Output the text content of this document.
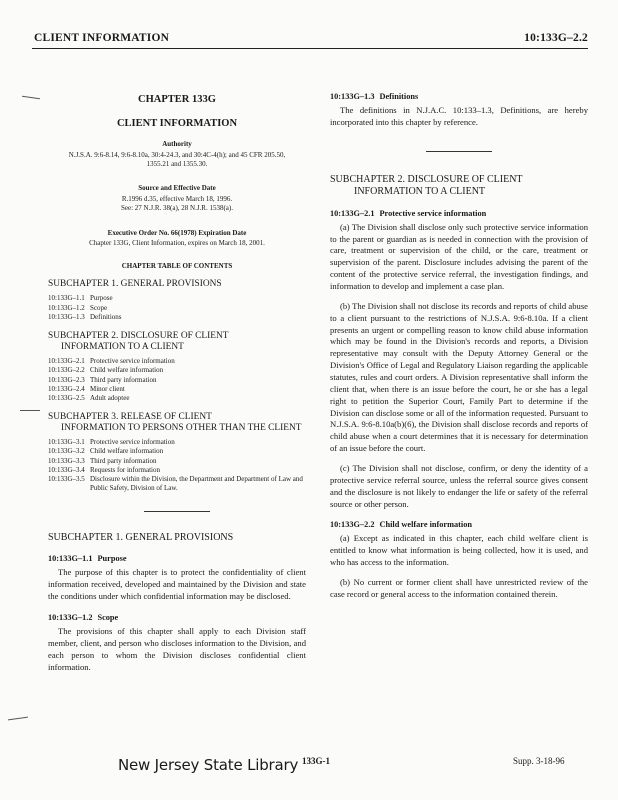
CLIENT INFORMATION	10:133G–2.2
CHAPTER 133G
CLIENT INFORMATION
Authority
N.J.S.A. 9:6-8.14, 9:6-8.10a, 30:4-24.3, and 30:4C-4(h); and 45 CFR 205.50, 1355.21 and 1355.30.
Source and Effective Date
R.1996 d.35, effective March 18, 1996.
See: 27 N.J.R. 38(a), 28 N.J.R. 1538(a).
Executive Order No. 66(1978) Expiration Date
Chapter 133G, Client Information, expires on March 18, 2001.
CHAPTER TABLE OF CONTENTS
SUBCHAPTER 1. GENERAL PROVISIONS
10:133G–1.1 Purpose
10:133G–1.2 Scope
10:133G–1.3 Definitions
SUBCHAPTER 2. DISCLOSURE OF CLIENT
INFORMATION TO A CLIENT
10:133G–2.1 Protective service information
10:133G–2.2 Child welfare information
10:133G–2.3 Third party information
10:133G–2.4 Minor client
10:133G–2.5 Adult adoptee
SUBCHAPTER 3. RELEASE OF CLIENT
INFORMATION TO PERSONS OTHER THAN THE CLIENT
10:133G–3.1 Protective service information
10:133G–3.2 Child welfare information
10:133G–3.3 Third party information
10:133G–3.4 Requests for information
10:133G–3.5 Disclosure within the Division, the Department and Department of Law and Public Safety, Division of Law.
SUBCHAPTER 1. GENERAL PROVISIONS
10:133G–1.1 Purpose
The purpose of this chapter is to protect the confidentiality of client information received, developed and maintained by the Division and state the conditions under which confidential information may be disclosed.
10:133G–1.2 Scope
The provisions of this chapter shall apply to each Division staff member, client, and person who discloses information to the Division, and each person to whom the Division discloses confidential client information.
10:133G–1.3 Definitions
The definitions in N.J.A.C. 10:133–1.3, Definitions, are hereby incorporated into this chapter by reference.
SUBCHAPTER 2. DISCLOSURE OF CLIENT
INFORMATION TO A CLIENT
10:133G–2.1 Protective service information
(a) The Division shall disclose only such protective service information to the parent or guardian as is needed in connection with the provision of care, treatment or supervision of the child, or the care, treatment or supervision of the parent. Disclosure includes advising the parent of the content of the protective service referral, the investigation findings, and information to develop and implement a case plan.
(b) The Division shall not disclose its records and reports of child abuse to a client pursuant to the restrictions of N.J.S.A. 9:6-8.10a. If a client presents an urgent or compelling reason to know child abuse information which may be found in the Division's records and reports, a Division representative may consult with the Deputy Attorney General or the Division's Office of Legal and Regulatory Liaison regarding the applicable statutes, rules and court orders. A Division representative shall inform the client that, when there is an issue before the court, he or she has a legal right to petition the Superior Court, Family Part to determine if the Division can disclose some or all of the information requested. Pursuant to N.J.S.A. 9:6-8.10a(b)(6), the Division shall disclose records and reports of child abuse when a court determines that it is necessary for determination of an issue before the court.
(c) The Division shall not disclose, confirm, or deny the identity of a protective service referral source, unless the referral source gives consent and the disclosure is not likely to endanger the life or safety of the referral source or other person.
10:133G–2.2 Child welfare information
(a) Except as indicated in this chapter, each child welfare client is entitled to know what information is being collected, how it is used, and who has access to the information.
(b) No current or former client shall have unrestricted review of the case record or general access to the information contained therein.
New Jersey State Library 133G-1	Supp. 3-18-96
